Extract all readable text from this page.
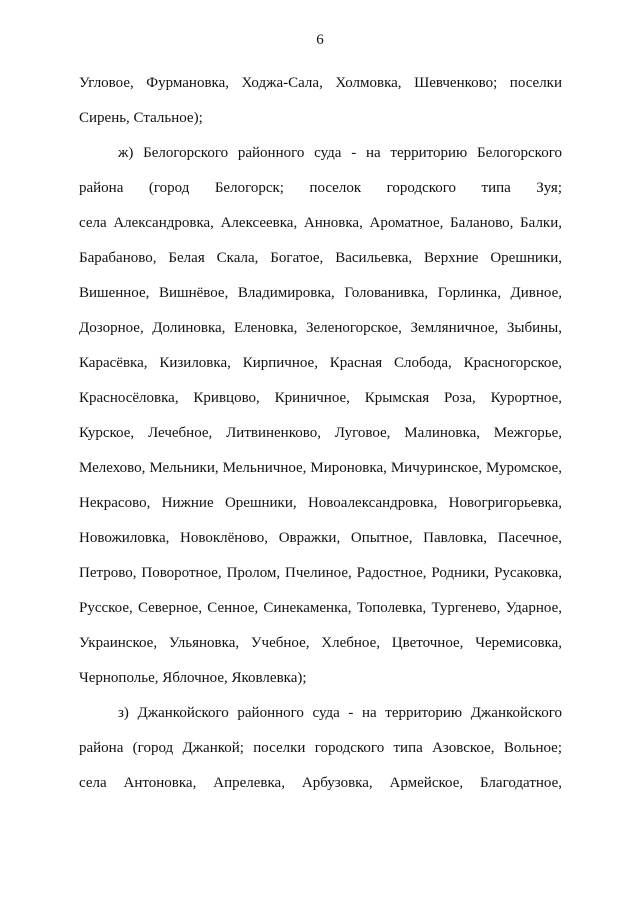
6
Угловое, Фурмановка, Ходжа-Сала, Холмовка, Шевченково; поселки
Сирень, Стальное);
ж) Белогорского районного суда - на территорию Белогорского
района (город Белогорск; поселок городского типа Зуя;
села Александровка, Алексеевка, Анновка, Ароматное, Баланово, Балки,
Барабаново, Белая Скала, Богатое, Васильевка, Верхние Орешники,
Вишенное, Вишнёвое, Владимировка, Голованивка, Горлинка, Дивное,
Дозорное, Долиновка, Еленовка, Зеленогорское, Земляничное, Зыбины,
Карасёвка, Кизиловка, Кирпичное, Красная Слобода, Красногорское,
Красносёловка, Кривцово, Криничное, Крымская Роза, Курортное,
Курское, Лечебное, Литвиненково, Луговое, Малиновка, Межгорье,
Мелехово, Мельники, Мельничное, Мироновка, Мичуринское, Муромское,
Некрасово, Нижние Орешники, Новоалександровка, Новогригорьевка,
Новожиловка, Новоклёново, Овражки, Опытное, Павловка, Пасечное,
Петрово, Поворотное, Пролом, Пчелиное, Радостное, Родники, Русаковка,
Русское, Северное, Сенное, Синекаменка, Тополевка, Тургенево, Ударное,
Украинское, Ульяновка, Учебное, Хлебное, Цветочное, Черемисовка,
Чернополье, Яблочное, Яковлевка);
з) Джанкойского районного суда - на территорию Джанкойского
района (город Джанкой; поселки городского типа Азовское, Вольное;
села Антоновка, Апрелевка, Арбузовка, Армейское, Благодатное,
